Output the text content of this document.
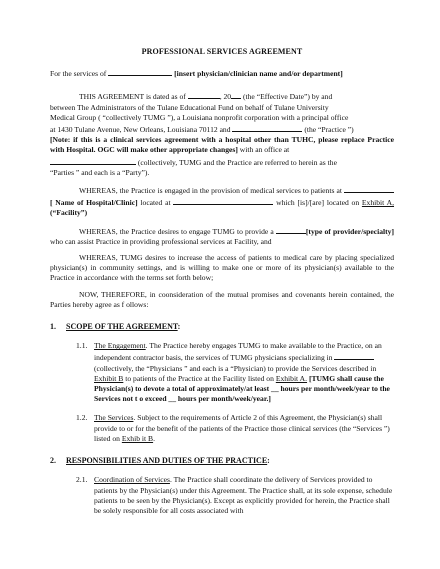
PROFESSIONAL SERVICES AGREEMENT

For the services of	[insert physician/clinician name and/or department]

THIS AGREEMENT is dated as of	, 20 (the “Effective Date”) by and

between The Administrators of the Tulane Educational Fund on behalf of Tulane University

Medical Group ( “collectively TUMG ”), a Louisiana nonprofit corporation with a principal office

at 1430 Tulane Avenue, New Orleans, Louisiana 70112 and	(the “Practice ”)

[Note: if this is a clinical services agreement with a hospital other than TUHC, please replace Practice with Hospital. OGC will make other appropriate changes] with an office at

(collectively, TUMG and the Practice are referred to herein as the

“Parties ” and each is a “Party”).

WHEREAS, the Practice is engaged in the provision of medical services to patients at [ Name of Hospital/Clinic] located at	which [is]/[are] located on Exhibit A, (“Facility”)

WHEREAS, the Practice desires to engage TUMG to provide a	[type of provider/specialty] who can assist Practice in providing professional services at Facility, and

WHEREAS, TUMG desires to increase the access of patients to medical care by placing specialized physician(s) in community settings, and is willing to make one or more of its physician(s) available to the Practice in accordance with the terms set forth below;

NOW, THEREFORE, in coonsideration of the mutual promises and covenants herein contained, the Parties hereby agree as f ollows:

1. SCOPE OF THE AGREEMENT:
1.1. The Engagement. The Practice hereby engages TUMG to make available to the Practice, on an independent contractor basis, the services of TUMG physicians specializing in  (collectively, the “Physicians ” and each is a “Physician) to provide the Services described in Exhibit B to patients of the Practice at the Facility listed on Exhibit A. [TUMG shall cause the Physician(s) to devote a total of approximately/at least __ hours per month/week/year to the Services not t o exceed __ hours per month/week/year.]
1.2. The Services. Subject to the requirements of Article 2 of this Agreement, the Physician(s) shall provide to or for the benefit of the patients of the Practice those clinical services (the “Services ”) listed on Exhib it B.
2. RESPONSIBILITIES AND DUTIES OF THE PRACTICE:
2.1. Coordination of Services. The Practice shall coordinate the delivery of Services provided to patients by the Physician(s) under this Agreement. The Practice shall, at its sole expense, schedule patients to be seen by the Physician(s). Except as explicitly provided for herein, the Practice shall be solely responsible for all costs associated with
